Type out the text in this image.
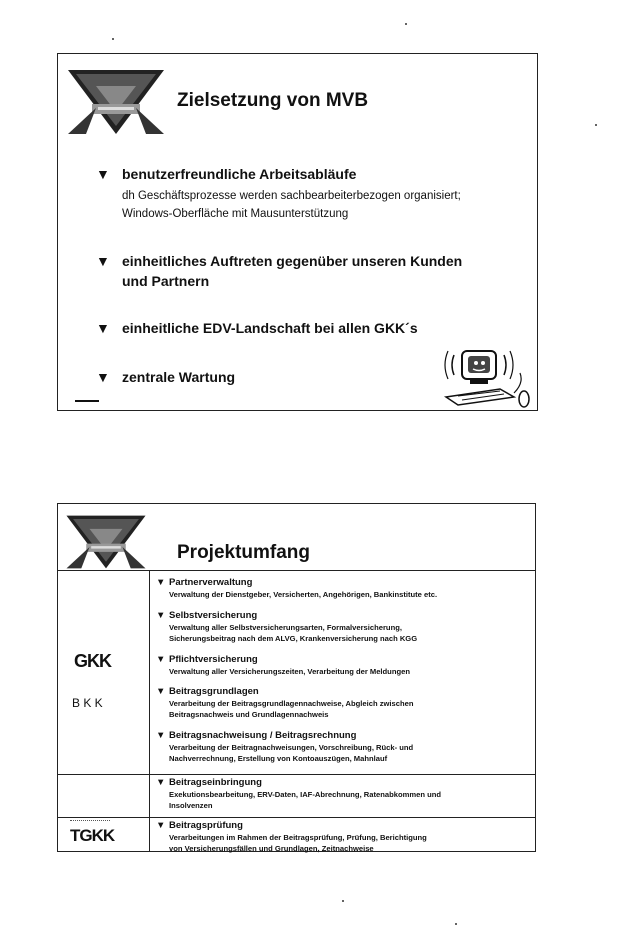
Zielsetzung von MVB
▼ benutzerfreundliche Arbeitsabläufe
dh Geschäftsprozesse werden sachbearbeiterbezogen organisiert;
Windows-Oberfläche mit Mausunterstützung
▼ einheitliches Auftreten gegenüber unseren Kunden
und Partnern
▼ einheitliche EDV-Landschaft bei allen GKK´s
▼ zentrale Wartung
Projektumfang
GKK
B K K
TGKK
▼ Partnerverwaltung
Verwaltung der Dienstgeber, Versicherten, Angehörigen, Bankinstitute etc.
▼ Selbstversicherung
Verwaltung aller Selbstversicherungsarten, Formalversicherung,
Sicherungsbeitrag nach dem ALVG, Krankenversicherung nach KGG
▼ Pflichtversicherung
Verwaltung aller Versicherungszeiten, Verarbeitung der Meldungen
▼ Beitragsgrundlagen
Verarbeitung der Beitragsgrundlagennachweise, Abgleich zwischen
Beitragsnachweis und Grundlagennachweis
▼ Beitragsnachweisung / Beitragsrechnung
Verarbeitung der Beitragnachweisungen, Vorschreibung, Rück- und
Nachverrechnung, Erstellung von Kontoauszügen, Mahnlauf
▼ Beitragseinbringung
Exekutionsbearbeitung, ERV-Daten, IAF-Abrechnung, Ratenabkommen und
Insolvenzen
▼ Beitragsprüfung
Verarbeitungen im Rahmen der Beitragsprüfung, Prüfung, Berichtigung
von Versicherungsfällen und Grundlagen, Zeitnachweise
